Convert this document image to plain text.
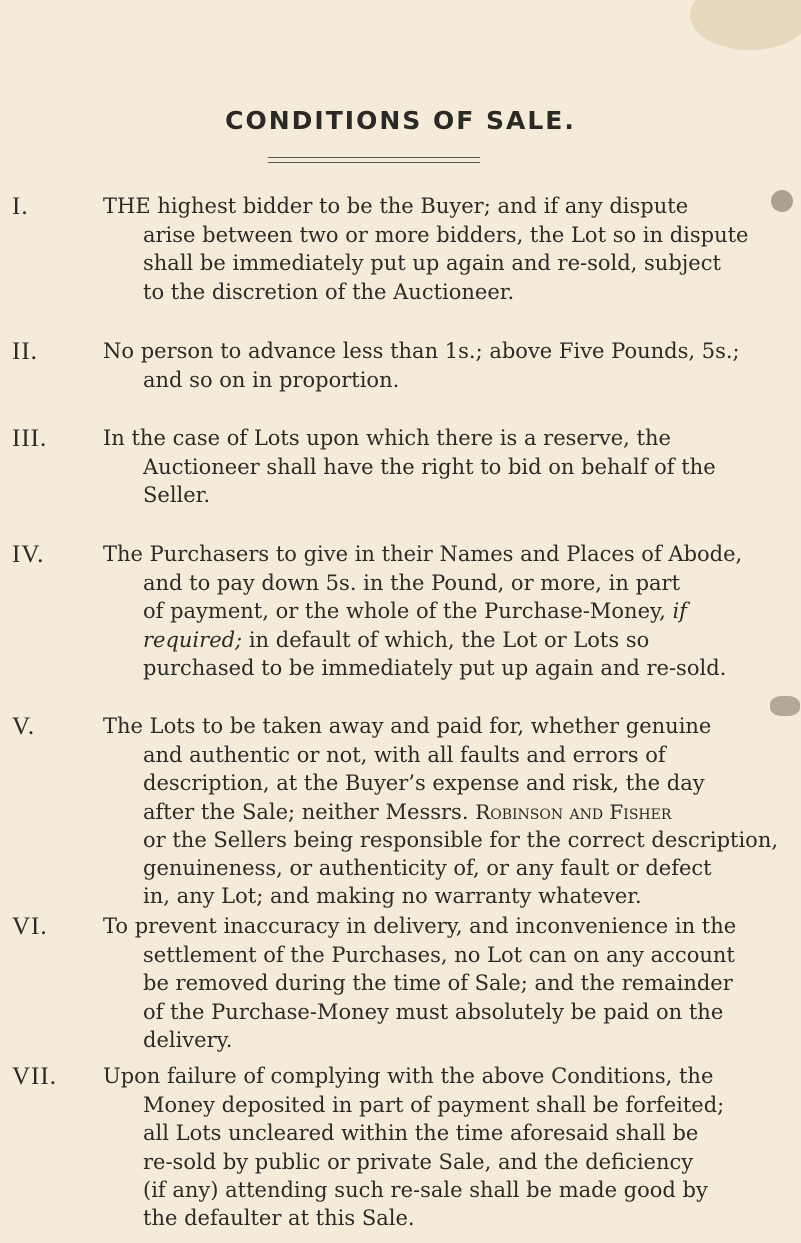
CONDITIONS OF SALE.
I.	THE highest bidder to be the Buyer; and if any dispute
arise between two or more bidders, the Lot so in dispute
shall be immediately put up again and re-sold, subject
to the discretion of the Auctioneer.
II.	No person to advance less than 1s.; above Five Pounds, 5s.;
and so on in proportion.
III.	In the case of Lots upon which there is a reserve, the
Auctioneer shall have the right to bid on behalf of the
Seller.
IV.	The Purchasers to give in their Names and Places of Abode,
and to pay down 5s. in the Pound, or more, in part
of payment, or the whole of the Purchase-Money, if
required; in default of which, the Lot or Lots so
purchased to be immediately put up again and re-sold.
V.	The Lots to be taken away and paid for, whether genuine
and authentic or not, with all faults and errors of
description, at the Buyer’s expense and risk, the day
after the Sale; neither Messrs. Robinson and Fisher
or the Sellers being responsible for the correct description,
genuineness, or authenticity of, or any fault or defect
in, any Lot; and making no warranty whatever.
VI.	To prevent inaccuracy in delivery, and inconvenience in the
settlement of the Purchases, no Lot can on any account
be removed during the time of Sale; and the remainder
of the Purchase-Money must absolutely be paid on the
delivery.
VII.	Upon failure of complying with the above Conditions, the
Money deposited in part of payment shall be forfeited;
all Lots uncleared within the time aforesaid shall be
re-sold by public or private Sale, and the deficiency
(if any) attending such re-sale shall be made good by
the defaulter at this Sale.
